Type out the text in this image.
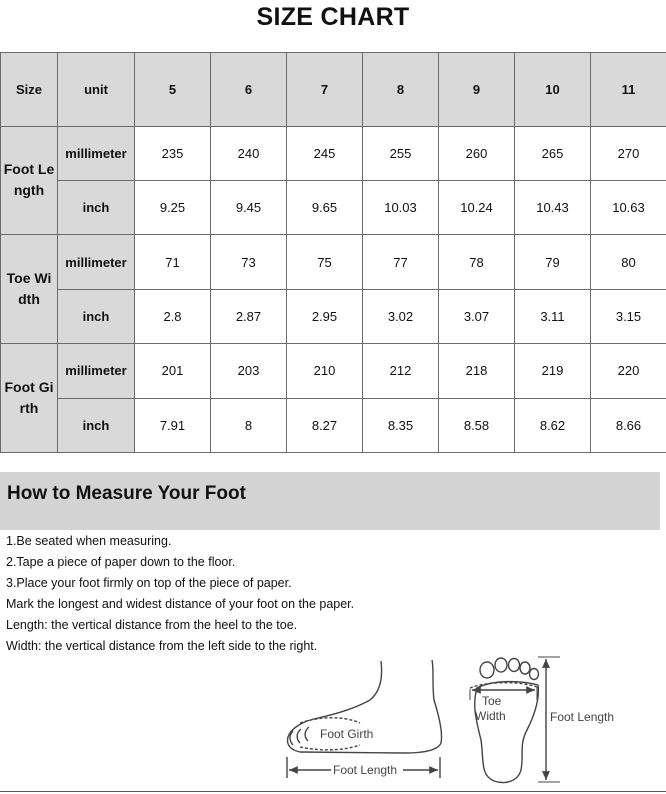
SIZE CHART
Size	unit	5	6	7	8	9	10	11
Foot Length	millimeter	235	240	245	255	260	265	270
	inch	9.25	9.45	9.65	10.03	10.24	10.43	10.63
Toe Width	millimeter	71	73	75	77	78	79	80
	inch	2.8	2.87	2.95	3.02	3.07	3.11	3.15
Foot Girth	millimeter	201	203	210	212	218	219	220
	inch	7.91	8	8.27	8.35	8.58	8.62	8.66
How to Measure Your Foot
1.Be seated when measuring.
2.Tape a piece of paper down to the floor.
3.Place your foot firmly on top of the piece of paper.
Mark the longest and widest distance of your foot on the paper.
Length: the vertical distance from the heel to the toe.
Width: the vertical distance from the left side to the right.
Foot Girth
Foot Length
Toe
Width	Foot Length
